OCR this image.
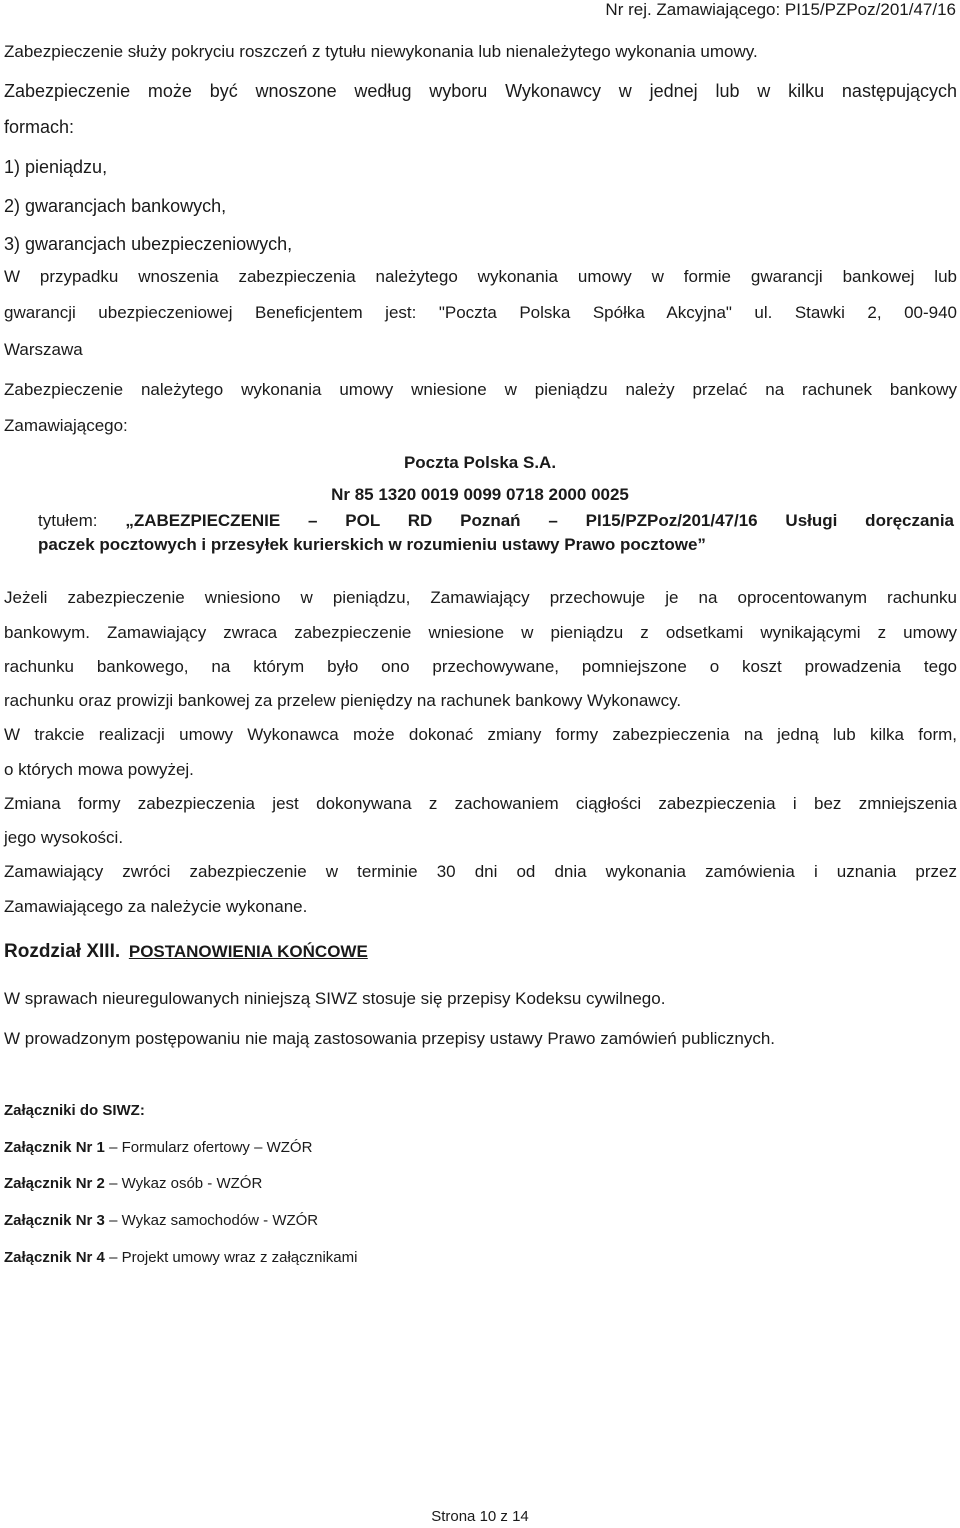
Nr rej. Zamawiającego: PI15/PZPoz/201/47/16
Zabezpieczenie służy pokryciu roszczeń z tytułu niewykonania lub nienależytego wykonania umowy.
Zabezpieczenie może być wnoszone według wyboru Wykonawcy w jednej lub w kilku następujących
formach:
1) pieniądzu,
2) gwarancjach bankowych,
3) gwarancjach ubezpieczeniowych,
W przypadku wnoszenia zabezpieczenia należytego wykonania umowy w formie gwarancji bankowej lub
gwarancji ubezpieczeniowej Beneficjentem jest: "Poczta Polska Spółka Akcyjna" ul. Stawki 2, 00-940
Warszawa
Zabezpieczenie należytego wykonania umowy wniesione w pieniądzu należy przelać na rachunek bankowy
Zamawiającego:
Poczta Polska S.A.
Nr 85 1320 0019 0099 0718 2000 0025
tytułem: „ZABEZPIECZENIE – POL RD Poznań – PI15/PZPoz/201/47/16 Usługi doręczania
paczek pocztowych i przesyłek kurierskich w rozumieniu ustawy Prawo pocztowe”
Jeżeli zabezpieczenie wniesiono w pieniądzu, Zamawiający przechowuje je na oprocentowanym rachunku
bankowym. Zamawiający zwraca zabezpieczenie wniesione w pieniądzu z odsetkami wynikającymi z umowy
rachunku bankowego, na którym było ono przechowywane, pomniejszone o koszt prowadzenia tego
rachunku oraz prowizji bankowej za przelew pieniędzy na rachunek bankowy Wykonawcy.
W trakcie realizacji umowy Wykonawca może dokonać zmiany formy zabezpieczenia na jedną lub kilka form,
o których mowa powyżej.
Zmiana formy zabezpieczenia jest dokonywana z zachowaniem ciągłości zabezpieczenia i bez zmniejszenia
jego wysokości.
Zamawiający zwróci zabezpieczenie w terminie 30 dni od dnia wykonania zamówienia i uznania przez
Zamawiającego za należycie wykonane.
Rozdział XIII. POSTANOWIENIA KOŃCOWE
W sprawach nieuregulowanych niniejszą SIWZ stosuje się przepisy Kodeksu cywilnego.
W prowadzonym postępowaniu nie mają zastosowania przepisy ustawy Prawo zamówień publicznych.
Załączniki do SIWZ:
Załącznik Nr 1 – Formularz ofertowy – WZÓR
Załącznik Nr 2 – Wykaz osób - WZÓR
Załącznik Nr 3 – Wykaz samochodów - WZÓR
Załącznik Nr 4 – Projekt umowy wraz z załącznikami
Strona 10 z 14
